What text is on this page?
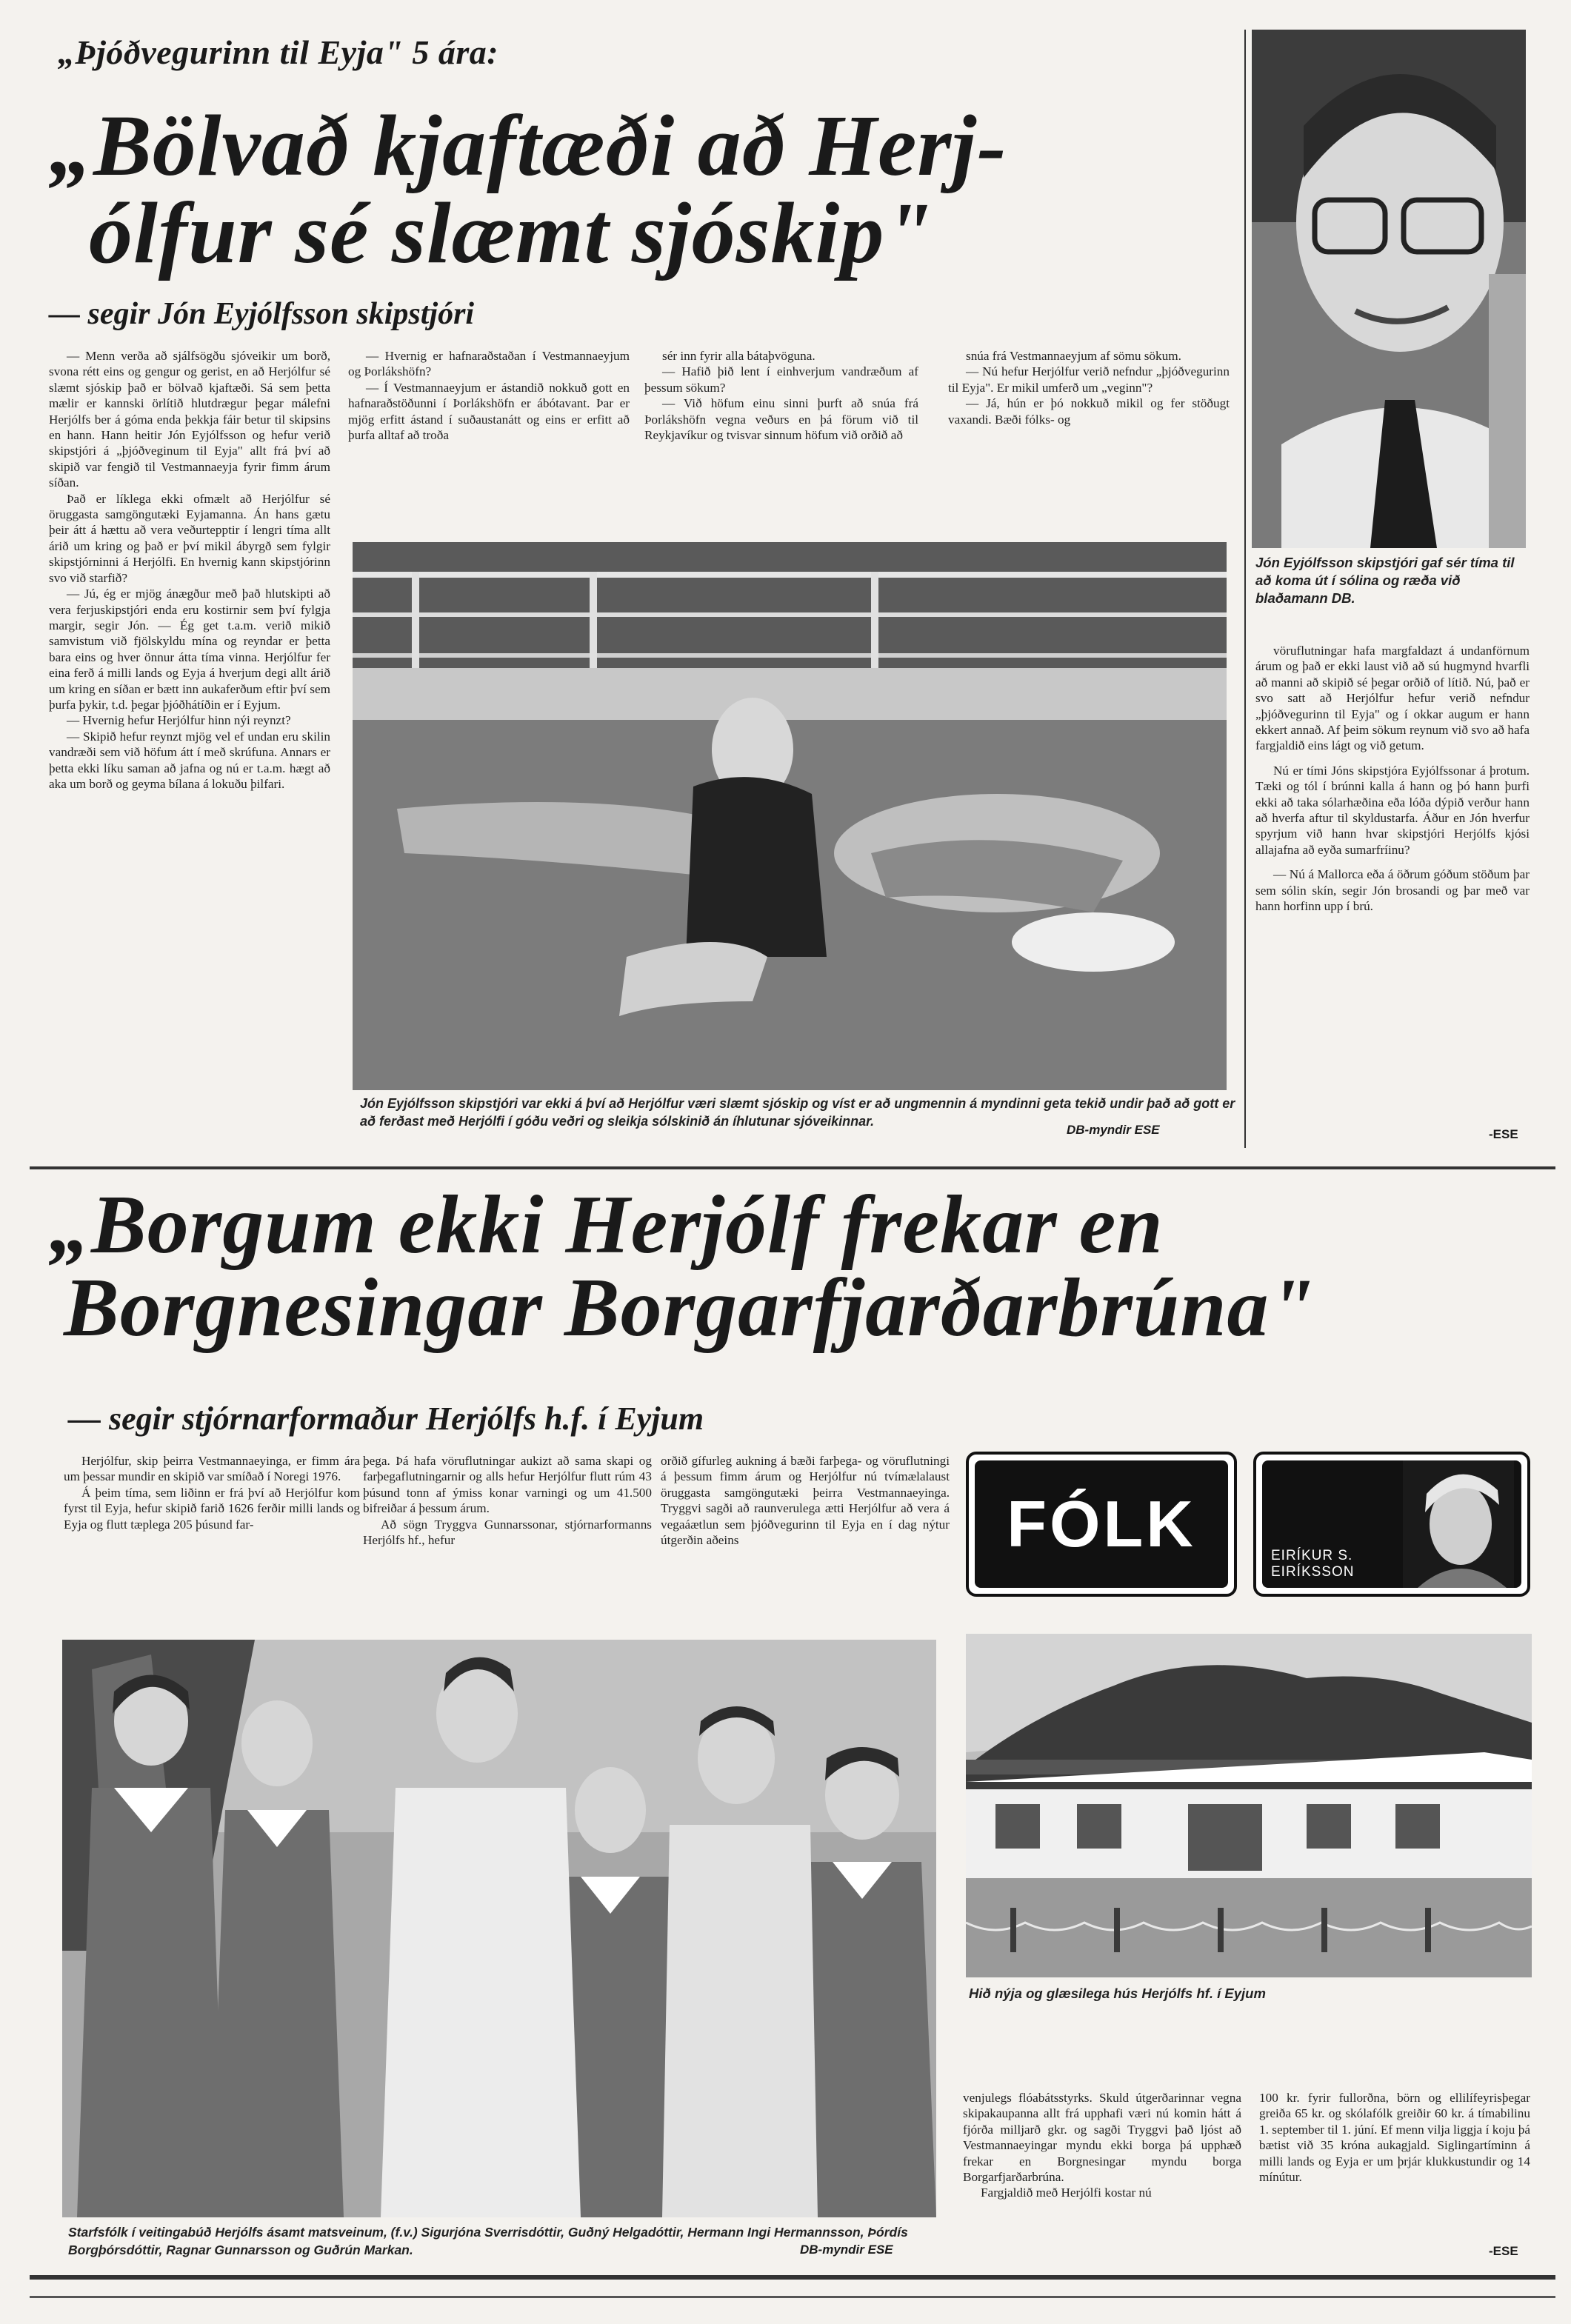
„Þjóðvegurinn til Eyja" 5 ára:
„Bölvað kjaftæði að Herj-
ólfur sé slæmt sjóskip"
— segir Jón Eyjólfsson skipstjóri

— Menn verða að sjálfsögðu sjóveikir um borð, svona rétt eins og gengur og gerist, en að Herjólfur sé slæmt sjóskip það er bölvað kjaftæði. Sá sem þetta mælir er kannski örlítið hlutdrægur þegar málefni Herjólfs ber á góma enda þekkja fáir betur til skipsins en hann. Hann heitir Jón Eyjólfsson og hefur verið skipstjóri á „þjóðveginum til Eyja" allt frá því að skipið var fengið til Vestmannaeyja fyrir fimm árum síðan.

Það er líklega ekki ofmælt að Herjólfur sé öruggasta samgöngutæki Eyjamanna. Án hans gætu þeir átt á hættu að vera veðurtepptir í lengri tíma allt árið um kring og það er því mikil ábyrgð sem fylgir skipstjórninni á Herjólfi. En hvernig kann skipstjórinn svo við starfið?

— Jú, ég er mjög ánægður með það hlutskipti að vera ferjuskipstjóri enda eru kostirnir sem því fylgja margir, segir Jón. — Ég get t.a.m. verið mikið samvistum við fjölskyldu mína og reyndar er þetta bara eins og hver önnur átta tíma vinna. Herjólfur fer eina ferð á milli lands og Eyja á hverjum degi allt árið um kring en síðan er bætt inn aukaferðum eftir því sem þurfa þykir, t.d. þegar þjóðhátíðin er í Eyjum.

— Hvernig hefur Herjólfur hinn nýi reynzt?

— Skipið hefur reynzt mjög vel ef undan eru skilin vandræði sem við höfum átt í með skrúfuna. Annars er þetta ekki líku saman að jafna og nú er t.a.m. hægt að aka um borð og geyma bílana á lokuðu þilfari.

— Hvernig er hafnaraðstaðan í Vestmannaeyjum og Þorlákshöfn?

— Í Vestmannaeyjum er ástandið nokkuð gott en hafnaraðstöðunni í Þorlákshöfn er ábótavant. Þar er mjög erfitt ástand í suðaustanátt og eins er erfitt að þurfa alltaf að troða

sér inn fyrir alla bátaþvöguna.

— Hafið þið lent í einhverjum vandræðum af þessum sökum?

— Við höfum einu sinni þurft að snúa frá Þorlákshöfn vegna veðurs en þá förum við til Reykjavíkur og tvisvar sinnum höfum við orðið að

snúa frá Vestmannaeyjum af sömu sökum.

— Nú hefur Herjólfur verið nefndur „þjóðvegurinn til Eyja". Er mikil umferð um „veginn"?

— Já, hún er þó nokkuð mikil og fer stöðugt vaxandi. Bæði fólks- og

Jón Eyjólfsson skipstjóri gaf sér tíma til að koma út í sólina og ræða við blaðamann DB.
Jón Eyjólfsson skipstjóri var ekki á því að Herjólfur væri slæmt sjóskip og víst er að ungmennin á myndinni geta tekið undir það að gott er að ferðast með Herjólfi í góðu veðri og sleikja sólskinið án íhlutunar sjóveikinnar.
DB-myndir ESE

vöruflutningar hafa margfaldazt á undanförnum árum og það er ekki laust við að sú hugmynd hvarfli að manni að skipið sé þegar orðið of lítið. Nú, það er svo satt að Herjólfur hefur verið nefndur „þjóðvegurinn til Eyja" og í okkar augum er hann ekkert annað. Af þeim sökum reynum við svo að hafa fargjaldið eins lágt og við getum.

Nú er tími Jóns skipstjóra Eyjólfssonar á þrotum. Tæki og tól í brúnni kalla á hann og þó hann þurfi ekki að taka sólarhæðina eða lóða dýpið verður hann að hverfa aftur til skyldustarfa. Áður en Jón hverfur spyrjum við hann hvar skipstjóri Herjólfs kjósi allajafna að eyða sumarfríinu?

— Nú á Mallorca eða á öðrum góðum stöðum þar sem sólin skín, segir Jón brosandi og þar með var hann horfinn upp í brú.

-ESE
„Borgum ekki Herjólf frekar en
Borgnesingar Borgarfjarðarbrúna"
— segir stjórnarformaður Herjólfs h.f. í Eyjum

Herjólfur, skip þeirra Vestmannaeyinga, er fimm ára um þessar mundir en skipið var smíðað í Noregi 1976.

Á þeim tíma, sem liðinn er frá því að Herjólfur kom fyrst til Eyja, hefur skipið farið 1626 ferðir milli lands og Eyja og flutt tæplega 205 þúsund far-

þega. Þá hafa vöruflutningar aukizt að sama skapi og farþegaflutningarnir og alls hefur Herjólfur flutt rúm 43 þúsund tonn af ýmiss konar varningi og um 41.500 bifreiðar á þessum árum.

Að sögn Tryggva Gunnarssonar, stjórnarformanns Herjólfs hf., hefur

orðið gífurleg aukning á bæði farþega- og vöruflutningi á þessum fimm árum og Herjólfur nú tvímælalaust öruggasta samgöngutæki þeirra Vestmannaeyinga. Tryggvi sagði að raunverulega ætti Herjólfur að vera á vegaáætlun sem þjóðvegurinn til Eyja en í dag nýtur útgerðin aðeins	FÓLK	EIRÍKUR S.
EIRÍKSSON
Starfsfólk í veitingabúð Herjólfs ásamt matsveinum, (f.v.) Sigurjóna Sverrisdóttir, Guðný Helgadóttir, Hermann Ingi Hermannsson, Þórdís Borgþórsdóttir, Ragnar Gunnarsson og Guðrún Markan.	DB-myndir ESE
Hið nýja og glæsilega hús Herjólfs hf. í Eyjum

venjulegs flóabátsstyrks. Skuld útgerðarinnar vegna skipakaupanna allt frá upphafi væri nú komin hátt á fjórða milljarð gkr. og sagði Tryggvi það ljóst að Vestmannaeyingar myndu ekki borga þá upphæð frekar en Borgnesingar myndu borga Borgarfjarðarbrúna.

Fargjaldið með Herjólfi kostar nú

100 kr. fyrir fullorðna, börn og ellilífeyrisþegar greiða 65 kr. og skólafólk greiðir 60 kr. á tímabilinu 1. september til 1. júní. Ef menn vilja liggja í koju þá bætist við 35 króna aukagjald. Siglingartíminn á milli lands og Eyja er um þrjár klukkustundir og 14 mínútur.

-ESE
